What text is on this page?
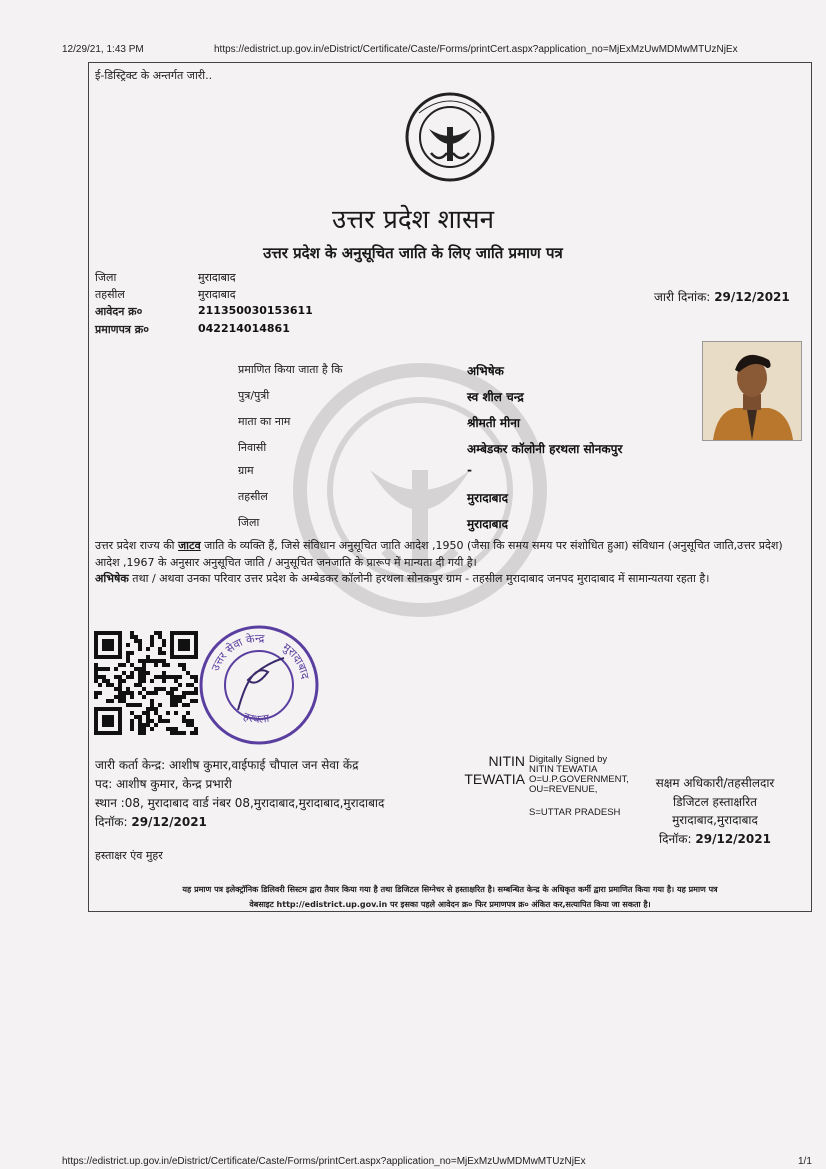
12/29/21, 1:43 PM	https://edistrict.up.gov.in/eDistrict/Certificate/Caste/Forms/printCert.aspx?application_no=MjExMzUwMDMwMTUzNjEx
ई-डिस्ट्रिक्ट के अन्तर्गत जारी..
उत्तर प्रदेश शासन
उत्तर प्रदेश के अनुसूचित जाति के लिए जाति प्रमाण पत्र
जिला	मुरादाबाद
तहसील	मुरादाबाद
आवेदन क्र०	211350030153611
प्रमाणपत्र क्र०	042214014861
जारी दिनांक: 29/12/2021
प्रमाणित किया जाता है कि	अभिषेक
पुत्र/पुत्री	स्व शील चन्द्र
माता का नाम	श्रीमती मीना
निवासी	अम्बेडकर कॉलोनी हरथला सोनकपुर
ग्राम	-
तहसील	मुरादाबाद
जिला	मुरादाबाद
उत्तर प्रदेश राज्य की जाटव जाति के व्यक्ति हैं, जिसे संविधान अनुसूचित जाति आदेश ,1950 (जैसा कि समय समय पर संशोधित हुआ) संविधान (अनुसूचित जाति,उत्तर प्रदेश) आदेश ,1967 के अनुसार अनुसूचित जाति / अनुसूचित जनजाति के प्रारूप में मान्यता दी गयी है।
अभिषेक तथा / अथवा उनका परिवार उत्तर प्रदेश के अम्बेडकर कॉलोनी हरथला सोनकपुर ग्राम - तहसील मुरादाबाद जनपद मुरादाबाद में सामान्यतया रहता है।
उत्तर सेवा केन्द्र
मुरादाबाद
हरथला
जारी कर्ता केन्द्र: आशीष कुमार,वाईफाई चौपाल जन सेवा केंद्र
पद: आशीष कुमार, केन्द्र प्रभारी
स्थान :08, मुरादाबाद वार्ड नंबर 08,मुरादाबाद,मुरादाबाद,मुरादाबाद
दिनॉक: 29/12/2021
NITIN
TEWATIA
Digitally Signed by
NITIN TEWATIA
O=U.P.GOVERNMENT,
OU=REVENUE,
S=UTTAR PRADESH
सक्षम अधिकारी/तहसीलदार
डिजिटल हस्ताक्षरित
मुरादाबाद,मुरादाबाद
दिनॉक: 29/12/2021
हस्ताक्षर एंव मुहर
यह प्रमाण पत्र इलेक्ट्रॉनिक डिलिवरी सिस्टम द्वारा तैयार किया गया है तथा डिजिटल सिग्नेचर से हस्ताक्षरित है। सम्बन्धित केन्द्र के अधिकृत कर्मी द्वारा प्रमाणित किया गया है। यह प्रमाण पत्र
वेबसाइट http://edistrict.up.gov.in पर इसका पहले आवेदन क्र० फिर प्रमाणपत्र क्र० अंकित कर,सत्यापित किया जा सकता है।
https://edistrict.up.gov.in/eDistrict/Certificate/Caste/Forms/printCert.aspx?application_no=MjExMzUwMDMwMTUzNjEx	1/1
